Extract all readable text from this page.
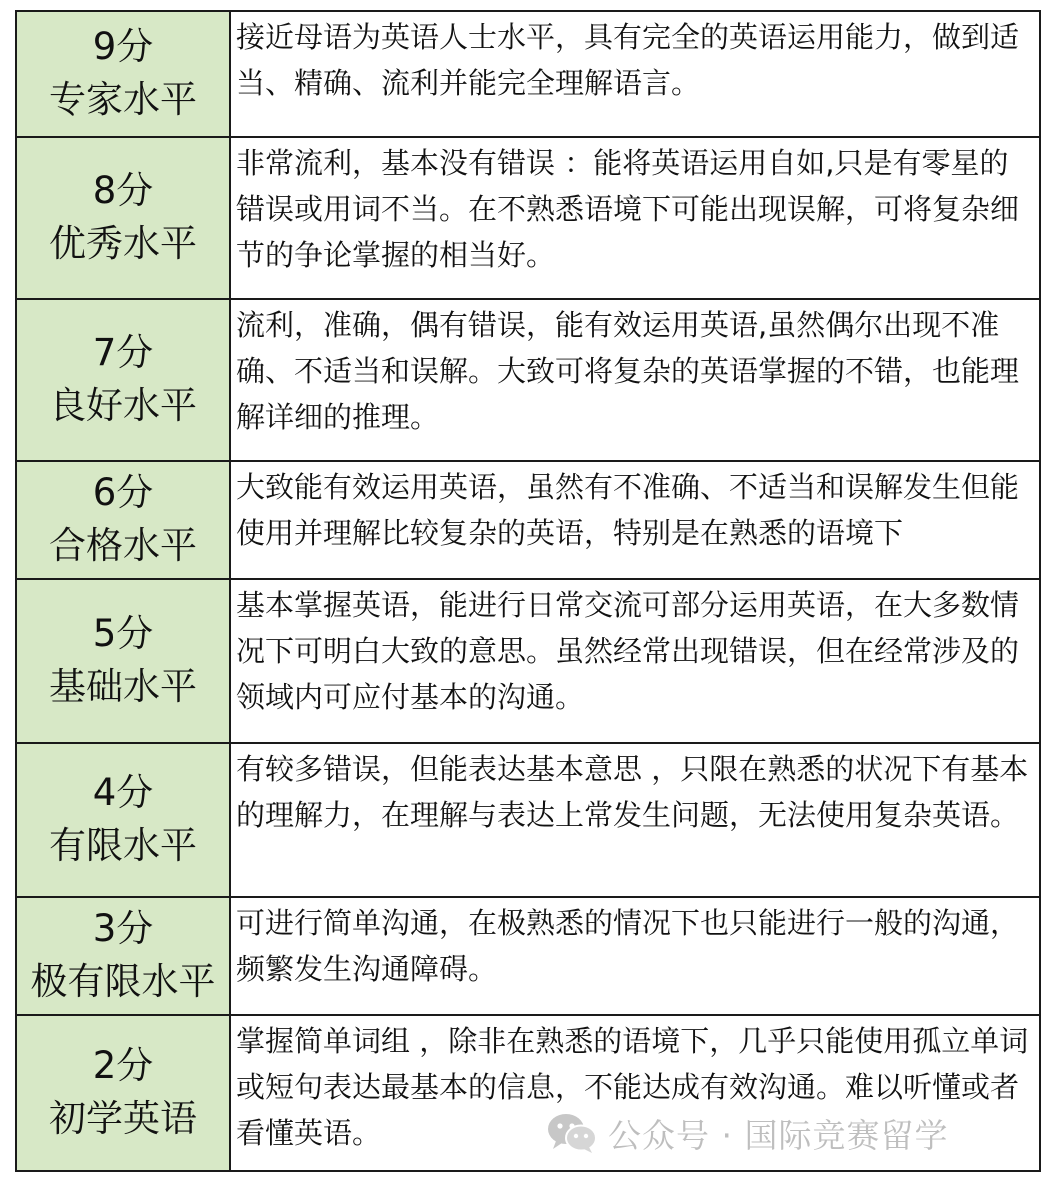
9分
专家水平	接近母语为英语人士水平，具有完全的英语运用能力，做到适当、精确、流利并能完全理解语言。

8分
优秀水平	非常流利，基本没有错误 ：能将英语运用自如,只是有零星的错误或用词不当。在不熟悉语境下可能出现误解，可将复杂细节的争论掌握的相当好。

7分
良好水平	流利，准确，偶有错误，能有效运用英语,虽然偶尔出现不准确、不适当和误解。大致可将复杂的英语掌握的不错，也能理解详细的推理。

6分
合格水平	大致能有效运用英语，虽然有不准确、不适当和误解发生但能使用并理解比较复杂的英语，特别是在熟悉的语境下

5分
基础水平	基本掌握英语，能进行日常交流可部分运用英语，在大多数情况下可明白大致的意思。虽然经常出现错误，但在经常涉及的领域内可应付基本的沟通。

4分
有限水平	有较多错误，但能表达基本意思 ，只限在熟悉的状况下有基本的理解力，在理解与表达上常发生问题，无法使用复杂英语。

3分
极有限水平	可进行简单沟通，在极熟悉的情况下也只能进行一般的沟通，频繁发生沟通障碍。

2分
初学英语	掌握简单词组 ，除非在熟悉的语境下，几乎只能使用孤立单词或短句表达最基本的信息，不能达成有效沟通。难以听懂或者看懂英语。	公众号 · 国际竞赛留学
